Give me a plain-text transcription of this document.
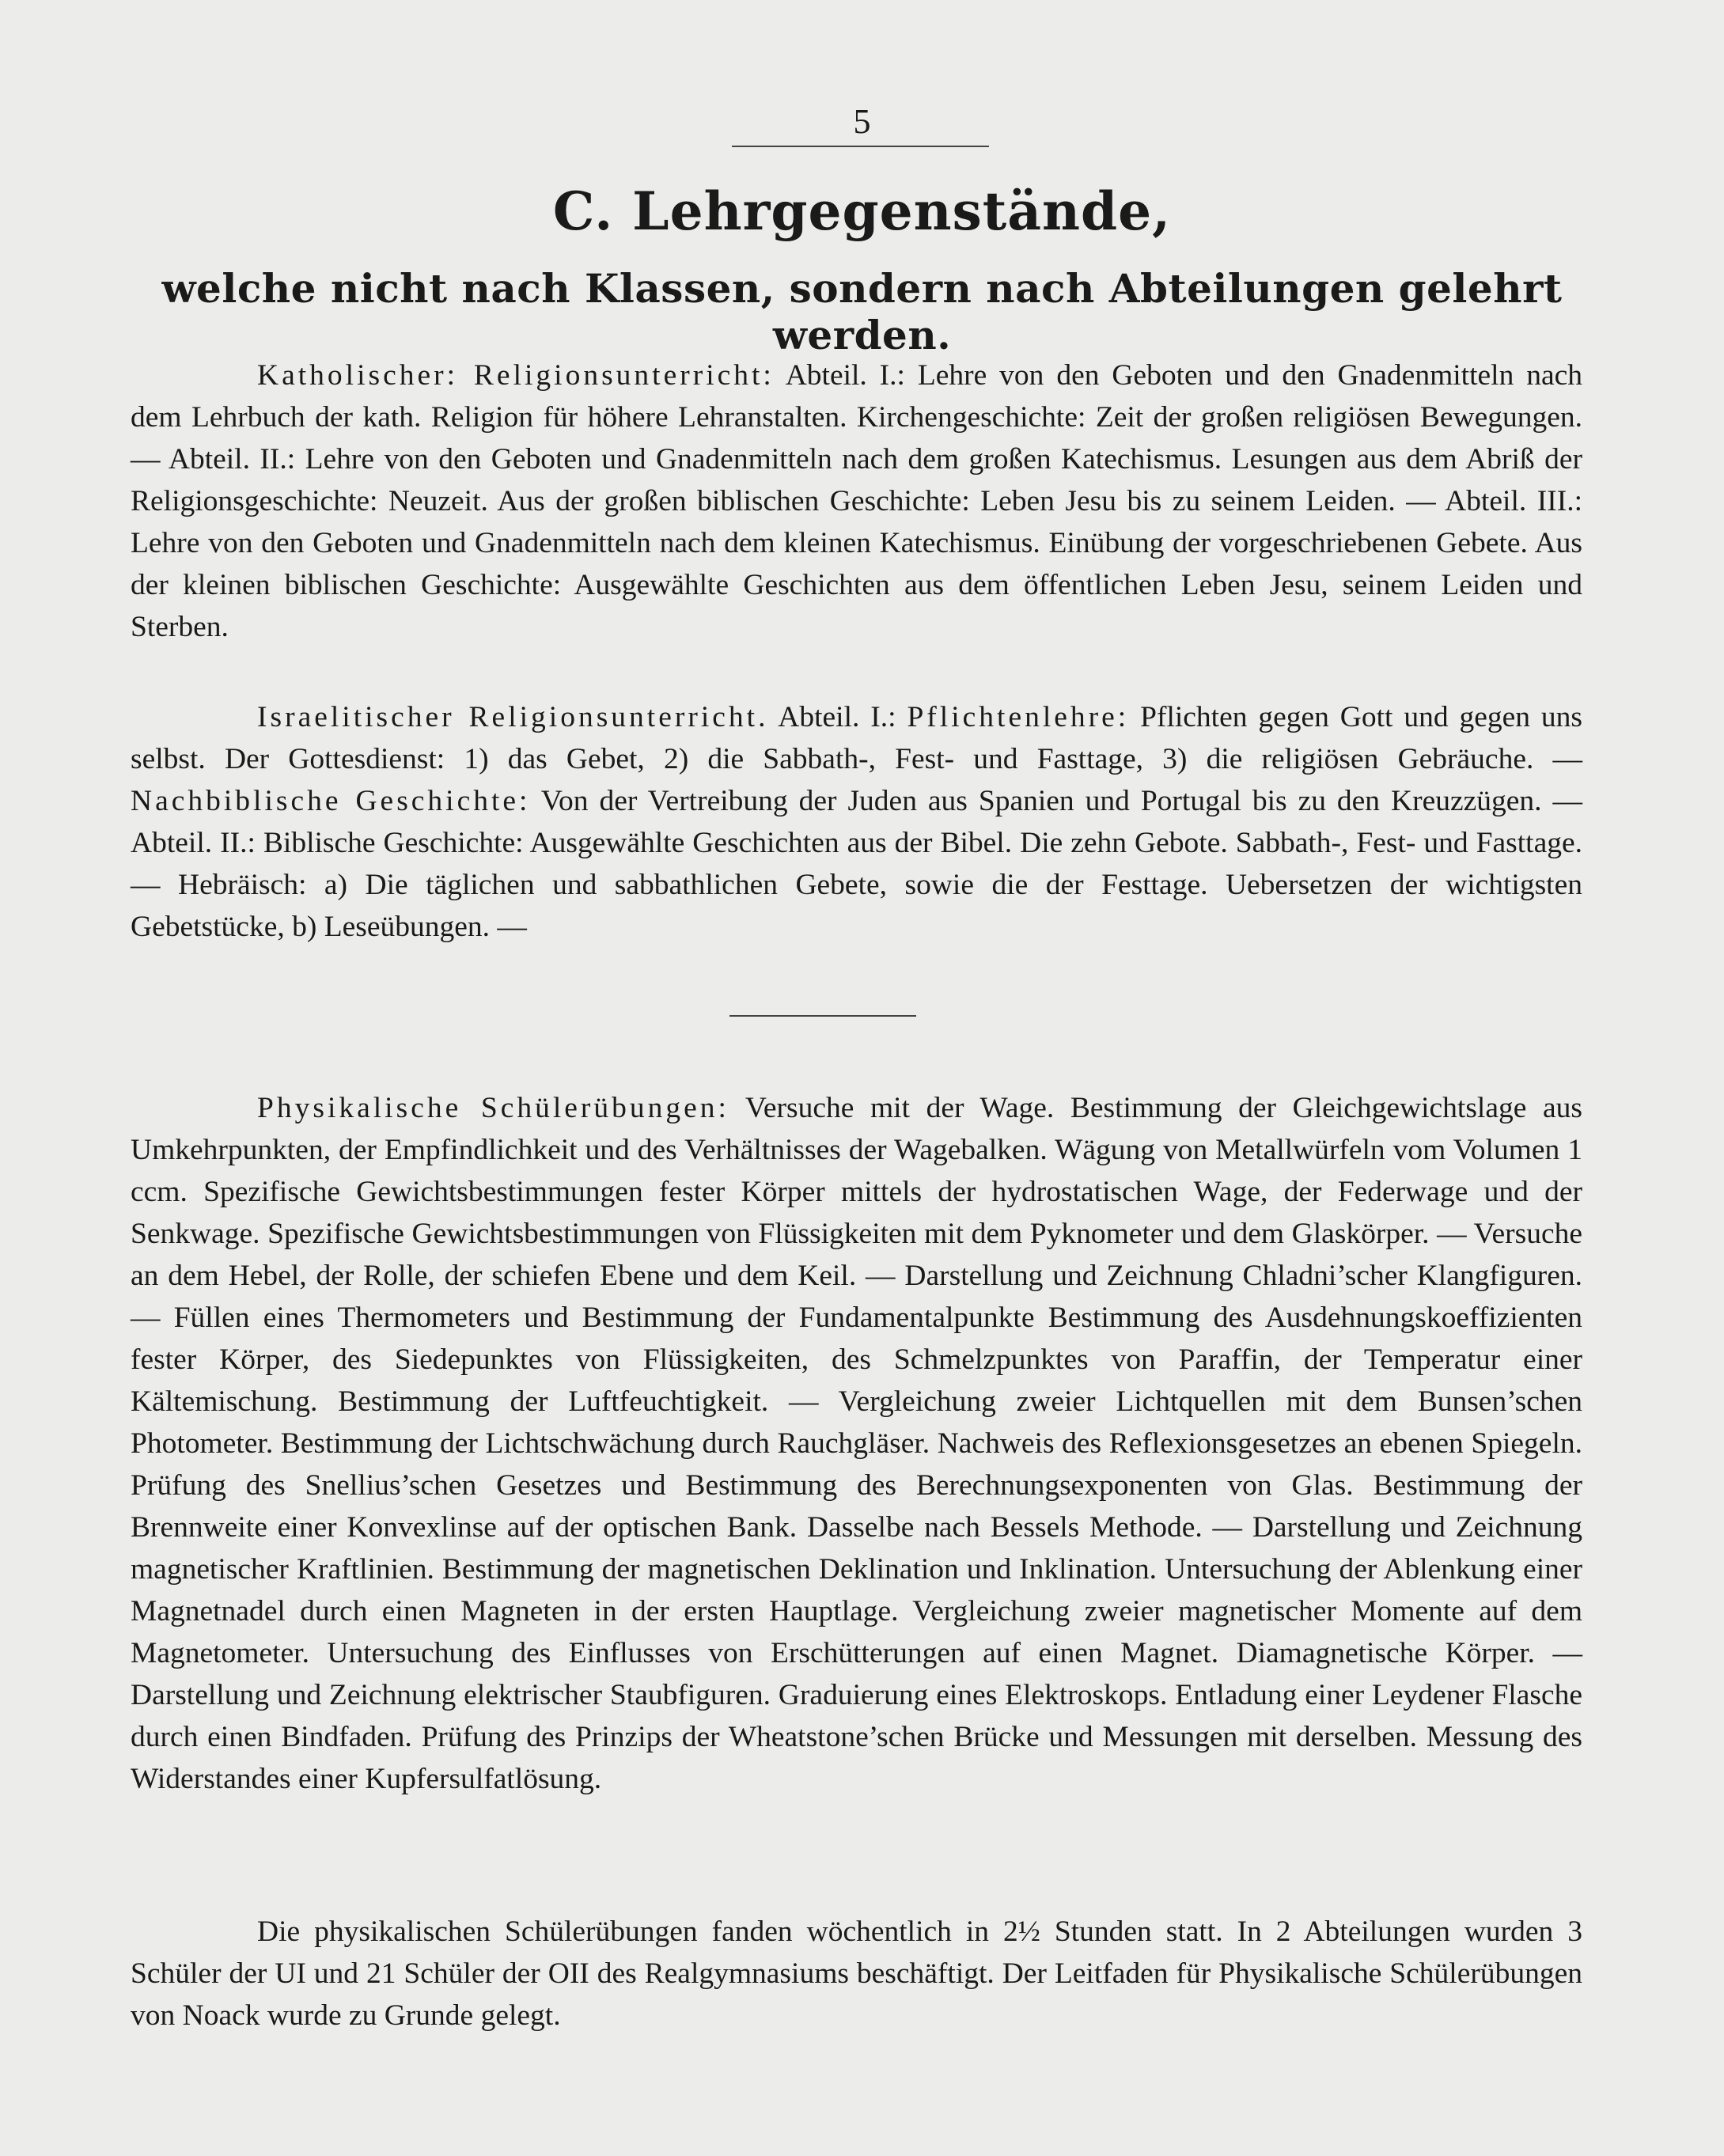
5
C. Lehrgegenstände,
welche nicht nach Klassen, sondern nach Abteilungen gelehrt werden.

Katholischer: Religionsunterricht: Abteil. I.: Lehre von den Geboten und den Gnadenmitteln nach dem Lehrbuch der kath. Religion für höhere Lehranstalten. Kirchengeschichte: Zeit der großen religiösen Bewegungen. — Abteil. II.: Lehre von den Geboten und Gnadenmitteln nach dem großen Katechismus. Lesungen aus dem Abriß der Religionsgeschichte: Neuzeit. Aus der großen biblischen Geschichte: Leben Jesu bis zu seinem Leiden. — Abteil. III.: Lehre von den Geboten und Gnadenmitteln nach dem kleinen Katechismus. Einübung der vorgeschriebenen Gebete. Aus der kleinen biblischen Geschichte: Ausgewählte Geschichten aus dem öffentlichen Leben Jesu, seinem Leiden und Sterben.

Israelitischer Religionsunterricht. Abteil. I.: Pflichtenlehre: Pflichten gegen Gott und gegen uns selbst. Der Gottesdienst: 1) das Gebet, 2) die Sabbath-, Fest- und Fasttage, 3) die religiösen Gebräuche. — Nachbiblische Geschichte: Von der Vertreibung der Juden aus Spanien und Portugal bis zu den Kreuzzügen. — Abteil. II.: Biblische Geschichte: Ausgewählte Geschichten aus der Bibel. Die zehn Gebote. Sabbath-, Fest- und Fasttage. — Hebräisch: a) Die täglichen und sabbathlichen Gebete, sowie die der Festtage. Uebersetzen der wichtigsten Gebetstücke, b) Leseübungen. —

Physikalische Schülerübungen: Versuche mit der Wage. Bestimmung der Gleichgewichtslage aus Umkehrpunkten, der Empfindlichkeit und des Verhältnisses der Wagebalken. Wägung von Metallwürfeln vom Volumen 1 ccm. Spezifische Gewichtsbestimmungen fester Körper mittels der hydrostatischen Wage, der Federwage und der Senkwage. Spezifische Gewichtsbestimmungen von Flüssigkeiten mit dem Pyknometer und dem Glaskörper. — Versuche an dem Hebel, der Rolle, der schiefen Ebene und dem Keil. — Darstellung und Zeichnung Chladni’scher Klangfiguren. — Füllen eines Thermometers und Bestimmung der Fundamentalpunkte Bestimmung des Ausdehnungskoeffizienten fester Körper, des Siedepunktes von Flüssigkeiten, des Schmelzpunktes von Paraffin, der Temperatur einer Kältemischung. Bestimmung der Luftfeuchtigkeit. — Vergleichung zweier Lichtquellen mit dem Bunsen’schen Photometer. Bestimmung der Lichtschwächung durch Rauchgläser. Nachweis des Reflexionsgesetzes an ebenen Spiegeln. Prüfung des Snellius’schen Gesetzes und Bestimmung des Berechnungsexponenten von Glas. Bestimmung der Brennweite einer Konvexlinse auf der optischen Bank. Dasselbe nach Bessels Methode. — Darstellung und Zeichnung magnetischer Kraftlinien. Bestimmung der magnetischen Deklination und Inklination. Untersuchung der Ablenkung einer Magnetnadel durch einen Magneten in der ersten Hauptlage. Vergleichung zweier magnetischer Momente auf dem Magnetometer. Untersuchung des Einflusses von Erschütterungen auf einen Magnet. Diamagnetische Körper. — Darstellung und Zeichnung elektrischer Staubfiguren. Graduierung eines Elektroskops. Entladung einer Leydener Flasche durch einen Bindfaden. Prüfung des Prinzips der Wheatstone’schen Brücke und Messungen mit derselben. Messung des Widerstandes einer Kupfersulfatlösung.

Die physikalischen Schülerübungen fanden wöchentlich in 2½ Stunden statt. In 2 Abteilungen wurden 3 Schüler der UI und 21 Schüler der OII des Realgymnasiums beschäftigt. Der Leitfaden für Physikalische Schülerübungen von Noack wurde zu Grunde gelegt.
